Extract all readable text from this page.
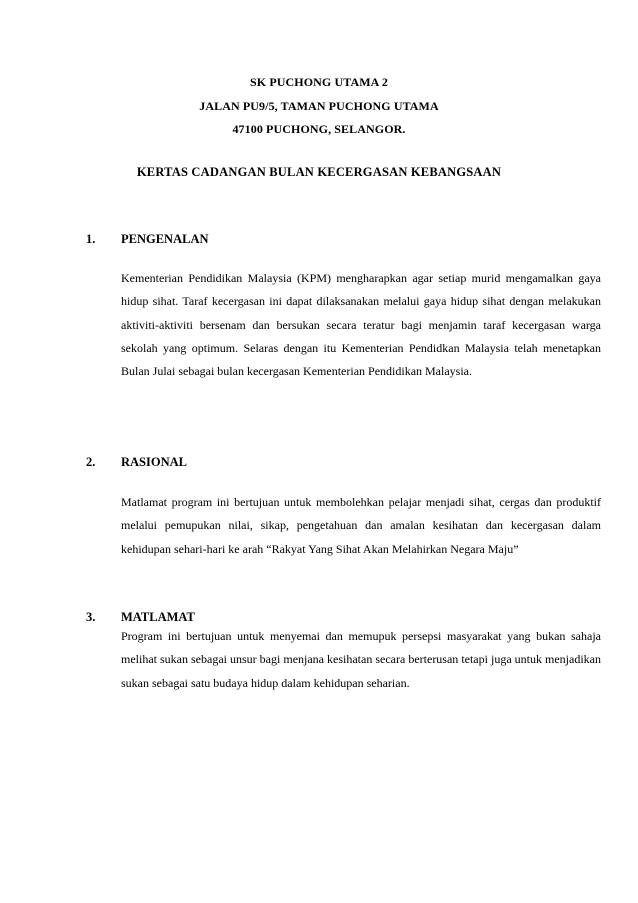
SK PUCHONG UTAMA 2
JALAN PU9/5, TAMAN PUCHONG UTAMA
47100 PUCHONG, SELANGOR.
KERTAS CADANGAN BULAN KECERGASAN KEBANGSAAN
1. PENGENALAN

Kementerian Pendidikan Malaysia (KPM) mengharapkan agar setiap murid mengamalkan gaya hidup sihat. Taraf kecergasan ini dapat dilaksanakan melalui gaya hidup sihat dengan melakukan aktiviti-aktiviti bersenam dan bersukan secara teratur bagi menjamin taraf kecergasan warga sekolah yang optimum. Selaras dengan itu Kementerian Pendidkan Malaysia telah menetapkan Bulan Julai sebagai bulan kecergasan Kementerian Pendidikan Malaysia.

2. RASIONAL

Matlamat program ini bertujuan untuk membolehkan pelajar menjadi sihat, cergas dan produktif melalui pemupukan nilai, sikap, pengetahuan dan amalan kesihatan dan kecergasan dalam kehidupan sehari-hari ke arah “Rakyat Yang Sihat Akan Melahirkan Negara Maju”

3. MATLAMAT

Program ini bertujuan untuk menyemai dan memupuk persepsi masyarakat yang bukan sahaja melihat sukan sebagai unsur bagi menjana kesihatan secara berterusan tetapi juga untuk menjadikan sukan sebagai satu budaya hidup dalam kehidupan seharian.
